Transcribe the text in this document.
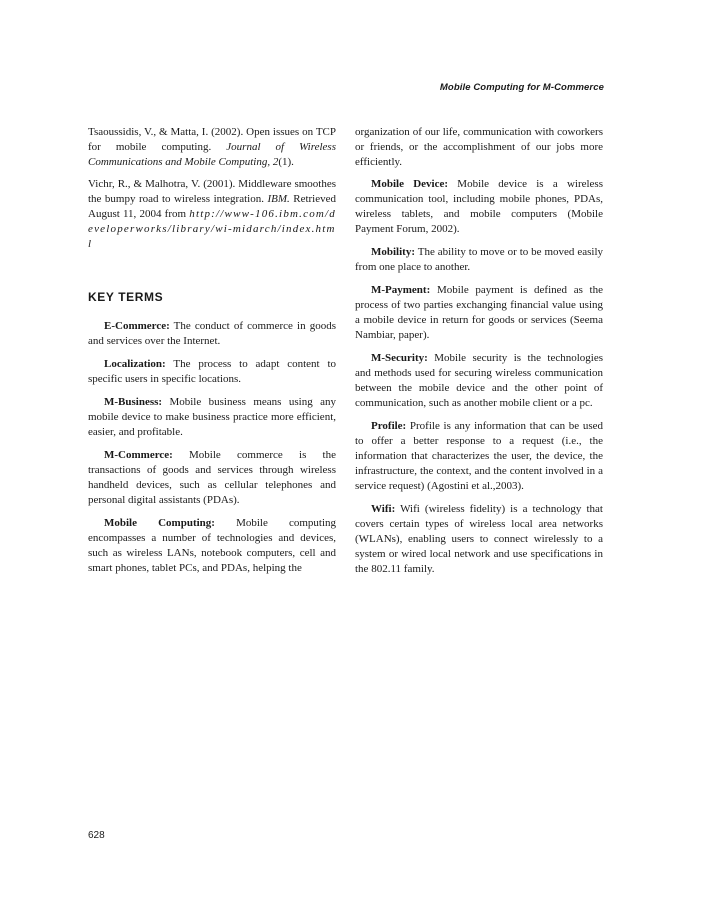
Mobile Computing for M-Commerce

Tsaoussidis, V., & Matta, I. (2002). Open issues on TCP for mobile computing. Journal of Wireless Communications and Mobile Computing, 2(1).

Vichr, R., & Malhotra, V. (2001). Middleware smoothes the bumpy road to wireless integration. IBM. Retrieved August 11, 2004 from http://www-106.ibm.com/developerworks/library/wi-midarch/index.html

KEY TERMS

E-Commerce: The conduct of commerce in goods and services over the Internet.

Localization: The process to adapt content to specific users in specific locations.

M-Business: Mobile business means using any mobile device to make business practice more efficient, easier, and profitable.

M-Commerce: Mobile commerce is the transactions of goods and services through wireless handheld devices, such as cellular telephones and personal digital assistants (PDAs).

Mobile Computing: Mobile computing encompasses a number of technologies and devices, such as wireless LANs, notebook computers, cell and smart phones, tablet PCs, and PDAs, helping the

organization of our life, communication with coworkers or friends, or the accomplishment of our jobs more efficiently.

Mobile Device: Mobile device is a wireless communication tool, including mobile phones, PDAs, wireless tablets, and mobile computers (Mobile Payment Forum, 2002).

Mobility: The ability to move or to be moved easily from one place to another.

M-Payment: Mobile payment is defined as the process of two parties exchanging financial value using a mobile device in return for goods or services (Seema Nambiar, paper).

M-Security: Mobile security is the technologies and methods used for securing wireless communication between the mobile device and the other point of communication, such as another mobile client or a pc.

Profile: Profile is any information that can be used to offer a better response to a request (i.e., the information that characterizes the user, the device, the infrastructure, the context, and the content involved in a service request) (Agostini et al.,2003).

Wifi: Wifi (wireless fidelity) is a technology that covers certain types of wireless local area networks (WLANs), enabling users to connect wirelessly to a system or wired local network and use specifications in the 802.11 family.

628
